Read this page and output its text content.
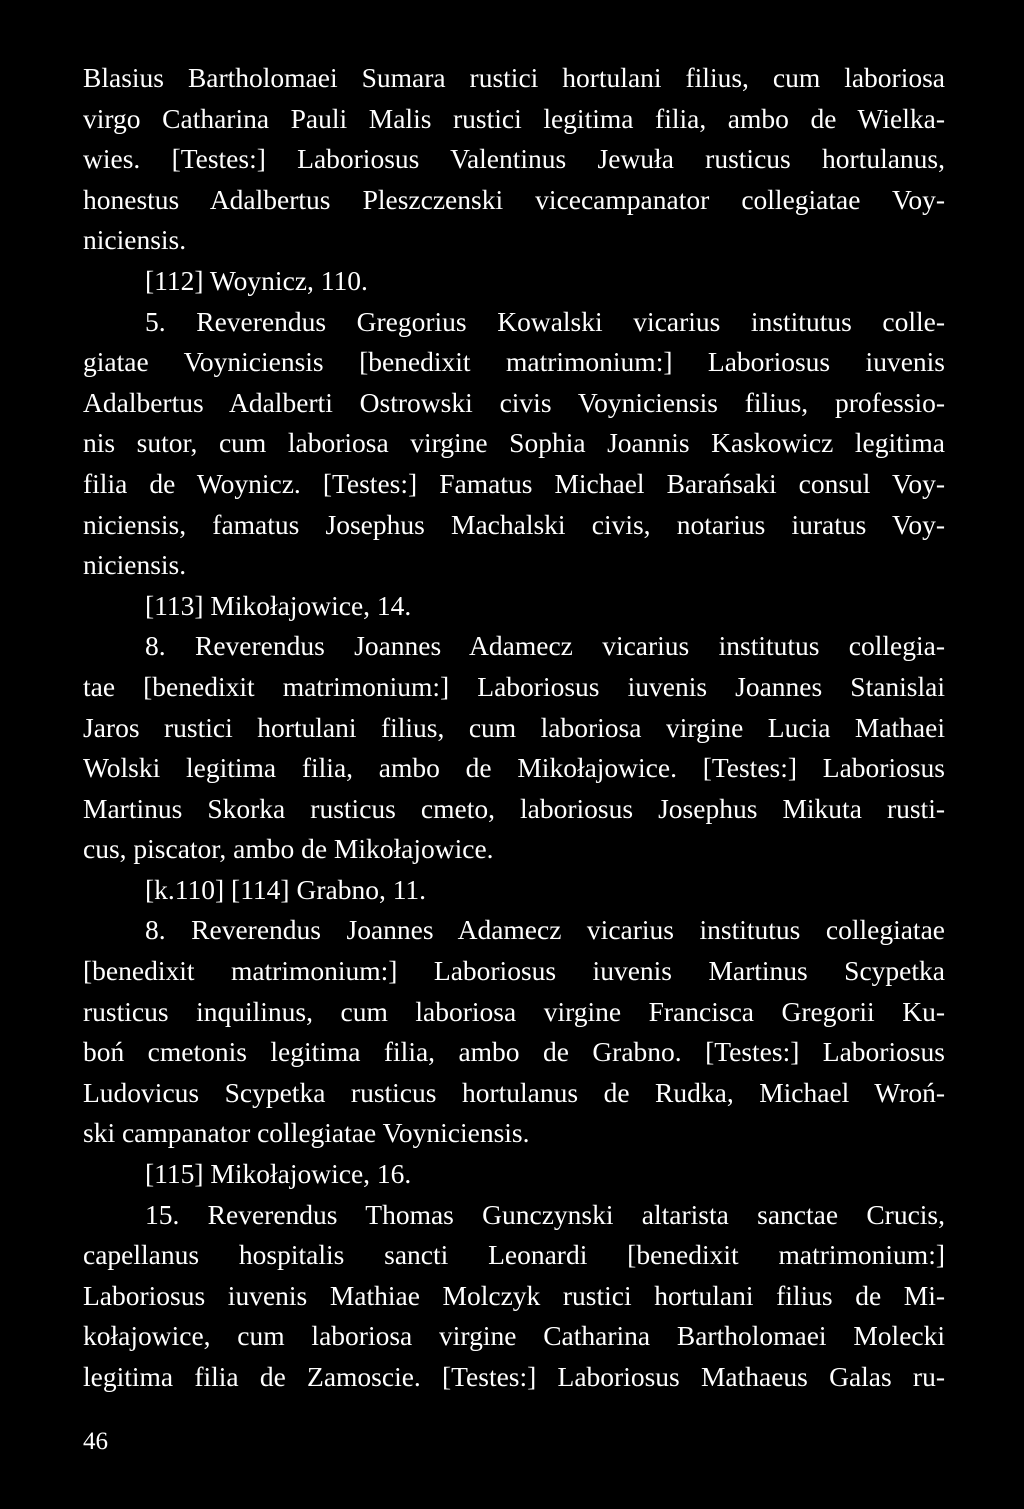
Blasius Bartholomaei Sumara rustici hortulani filius, cum laboriosa
virgo Catharina Pauli Malis rustici legitima filia, ambo de Wielka-
wies. [Testes:] Laboriosus Valentinus Jewuła rusticus hortulanus,
honestus Adalbertus Pleszczenski vicecampanator collegiatae Voy-
niciensis.
[112] Woynicz, 110.
5. Reverendus Gregorius Kowalski vicarius institutus colle-
giatae Voyniciensis [benedixit matrimonium:] Laboriosus iuvenis
Adalbertus Adalberti Ostrowski civis Voyniciensis filius, professio-
nis sutor, cum laboriosa virgine Sophia Joannis Kaskowicz legitima
filia de Woynicz. [Testes:] Famatus Michael Barańsaki consul Voy-
niciensis, famatus Josephus Machalski civis, notarius iuratus Voy-
niciensis.
[113] Mikołajowice, 14.
8. Reverendus Joannes Adamecz vicarius institutus collegia-
tae [benedixit matrimonium:] Laboriosus iuvenis Joannes Stanislai
Jaros rustici hortulani filius, cum laboriosa virgine Lucia Mathaei
Wolski legitima filia, ambo de Mikołajowice. [Testes:] Laboriosus
Martinus Skorka rusticus cmeto, laboriosus Josephus Mikuta rusti-
cus, piscator, ambo de Mikołajowice.
[k.110] [114] Grabno, 11.
8. Reverendus Joannes Adamecz vicarius institutus collegiatae
[benedixit matrimonium:] Laboriosus iuvenis Martinus Scypetka
rusticus inquilinus, cum laboriosa virgine Francisca Gregorii Ku-
boń cmetonis legitima filia, ambo de Grabno. [Testes:] Laboriosus
Ludovicus Scypetka rusticus hortulanus de Rudka, Michael Wroń-
ski campanator collegiatae Voyniciensis.
[115] Mikołajowice, 16.
15. Reverendus Thomas Gunczynski altarista sanctae Crucis,
capellanus hospitalis sancti Leonardi [benedixit matrimonium:]
Laboriosus iuvenis Mathiae Molczyk rustici hortulani filius de Mi-
kołajowice, cum laboriosa virgine Catharina Bartholomaei Molecki
legitima filia de Zamoscie. [Testes:] Laboriosus Mathaeus Galas ru-
46
